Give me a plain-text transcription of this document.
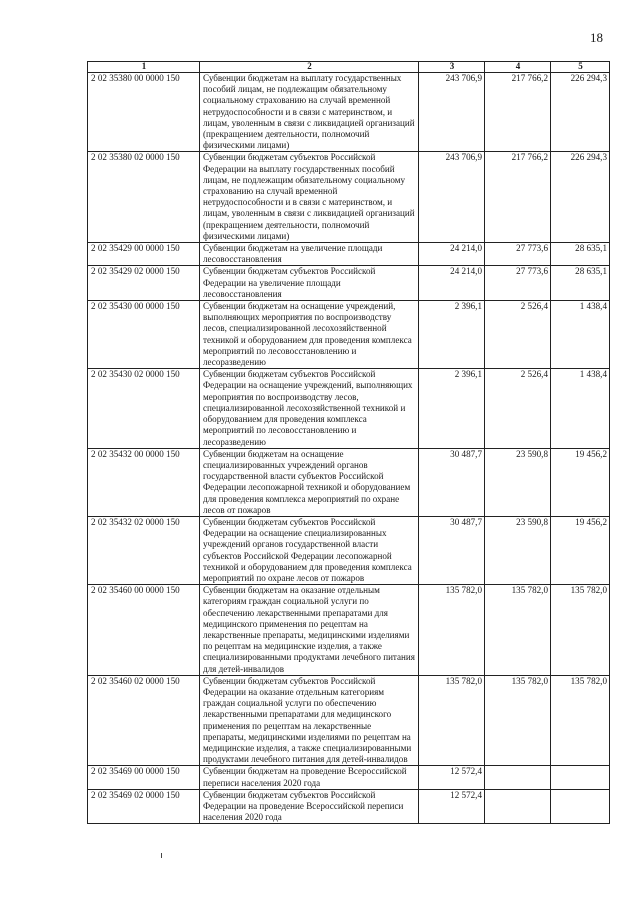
18
1	2	3	4	5
2 02 35380 00 0000 150	Субвенции бюджетам на выплату государственных пособий лицам, не подлежащим обязательному социальному страхованию на случай временной нетрудоспособности и в связи с материнством, и лицам, уволенным в связи с ликвидацией организаций (прекращением деятельности, полномочий физическими лицами)	243 706,9	217 766,2	226 294,3
2 02 35380 02 0000 150	Субвенции бюджетам субъектов Российской Федерации на выплату государственных пособий лицам, не подлежащим обязательному социальному страхованию на случай временной нетрудоспособности и в связи с материнством, и лицам, уволенным в связи с ликвидацией организаций (прекращением деятельности, полномочий физическими лицами)	243 706,9	217 766,2	226 294,3
2 02 35429 00 0000 150	Субвенции бюджетам на увеличение площади лесовосстановления	24 214,0	27 773,6	28 635,1
2 02 35429 02 0000 150	Субвенции бюджетам субъектов Российской Федерации на увеличение площади лесовосстановления	24 214,0	27 773,6	28 635,1
2 02 35430 00 0000 150	Субвенции бюджетам на оснащение учреждений, выполняющих мероприятия по воспроизводству лесов, специализированной лесохозяйственной техникой и оборудованием для проведения комплекса мероприятий по лесовосстановлению и лесоразведению	2 396,1	2 526,4	1 438,4
2 02 35430 02 0000 150	Субвенции бюджетам субъектов Российской Федерации на оснащение учреждений, выполняющих мероприятия по воспроизводству лесов, специализированной лесохозяйственной техникой и оборудованием для проведения комплекса мероприятий по лесовосстановлению и лесоразведению	2 396,1	2 526,4	1 438,4
2 02 35432 00 0000 150	Субвенции бюджетам на оснащение специализированных учреждений органов государственной власти субъектов Российской Федерации лесопожарной техникой и оборудованием для проведения комплекса мероприятий по охране лесов от пожаров	30 487,7	23 590,8	19 456,2
2 02 35432 02 0000 150	Субвенции бюджетам субъектов Российской Федерации на оснащение специализированных учреждений органов государственной власти субъектов Российской Федерации лесопожарной техникой и оборудованием для проведения комплекса мероприятий по охране лесов от пожаров	30 487,7	23 590,8	19 456,2
2 02 35460 00 0000 150	Субвенции бюджетам на оказание отдельным категориям граждан социальной услуги по обеспечению лекарственными препаратами для медицинского применения по рецептам на лекарственные препараты, медицинскими изделиями по рецептам на медицинские изделия, а также специализированными продуктами лечебного питания для детей-инвалидов	135 782,0	135 782,0	135 782,0
2 02 35460 02 0000 150	Субвенции бюджетам субъектов Российской Федерации на оказание отдельным категориям граждан социальной услуги по обеспечению лекарственными препаратами для медицинского применения по рецептам на лекарственные препараты, медицинскими изделиями по рецептам на медицинские изделия, а также специализированными продуктами лечебного питания для детей-инвалидов	135 782,0	135 782,0	135 782,0
2 02 35469 00 0000 150	Субвенции бюджетам на проведение Всероссийской переписи населения 2020 года	12 572,4		
2 02 35469 02 0000 150	Субвенции бюджетам субъектов Российской Федерации на проведение Всероссийской переписи населения 2020 года	12 572,4		
